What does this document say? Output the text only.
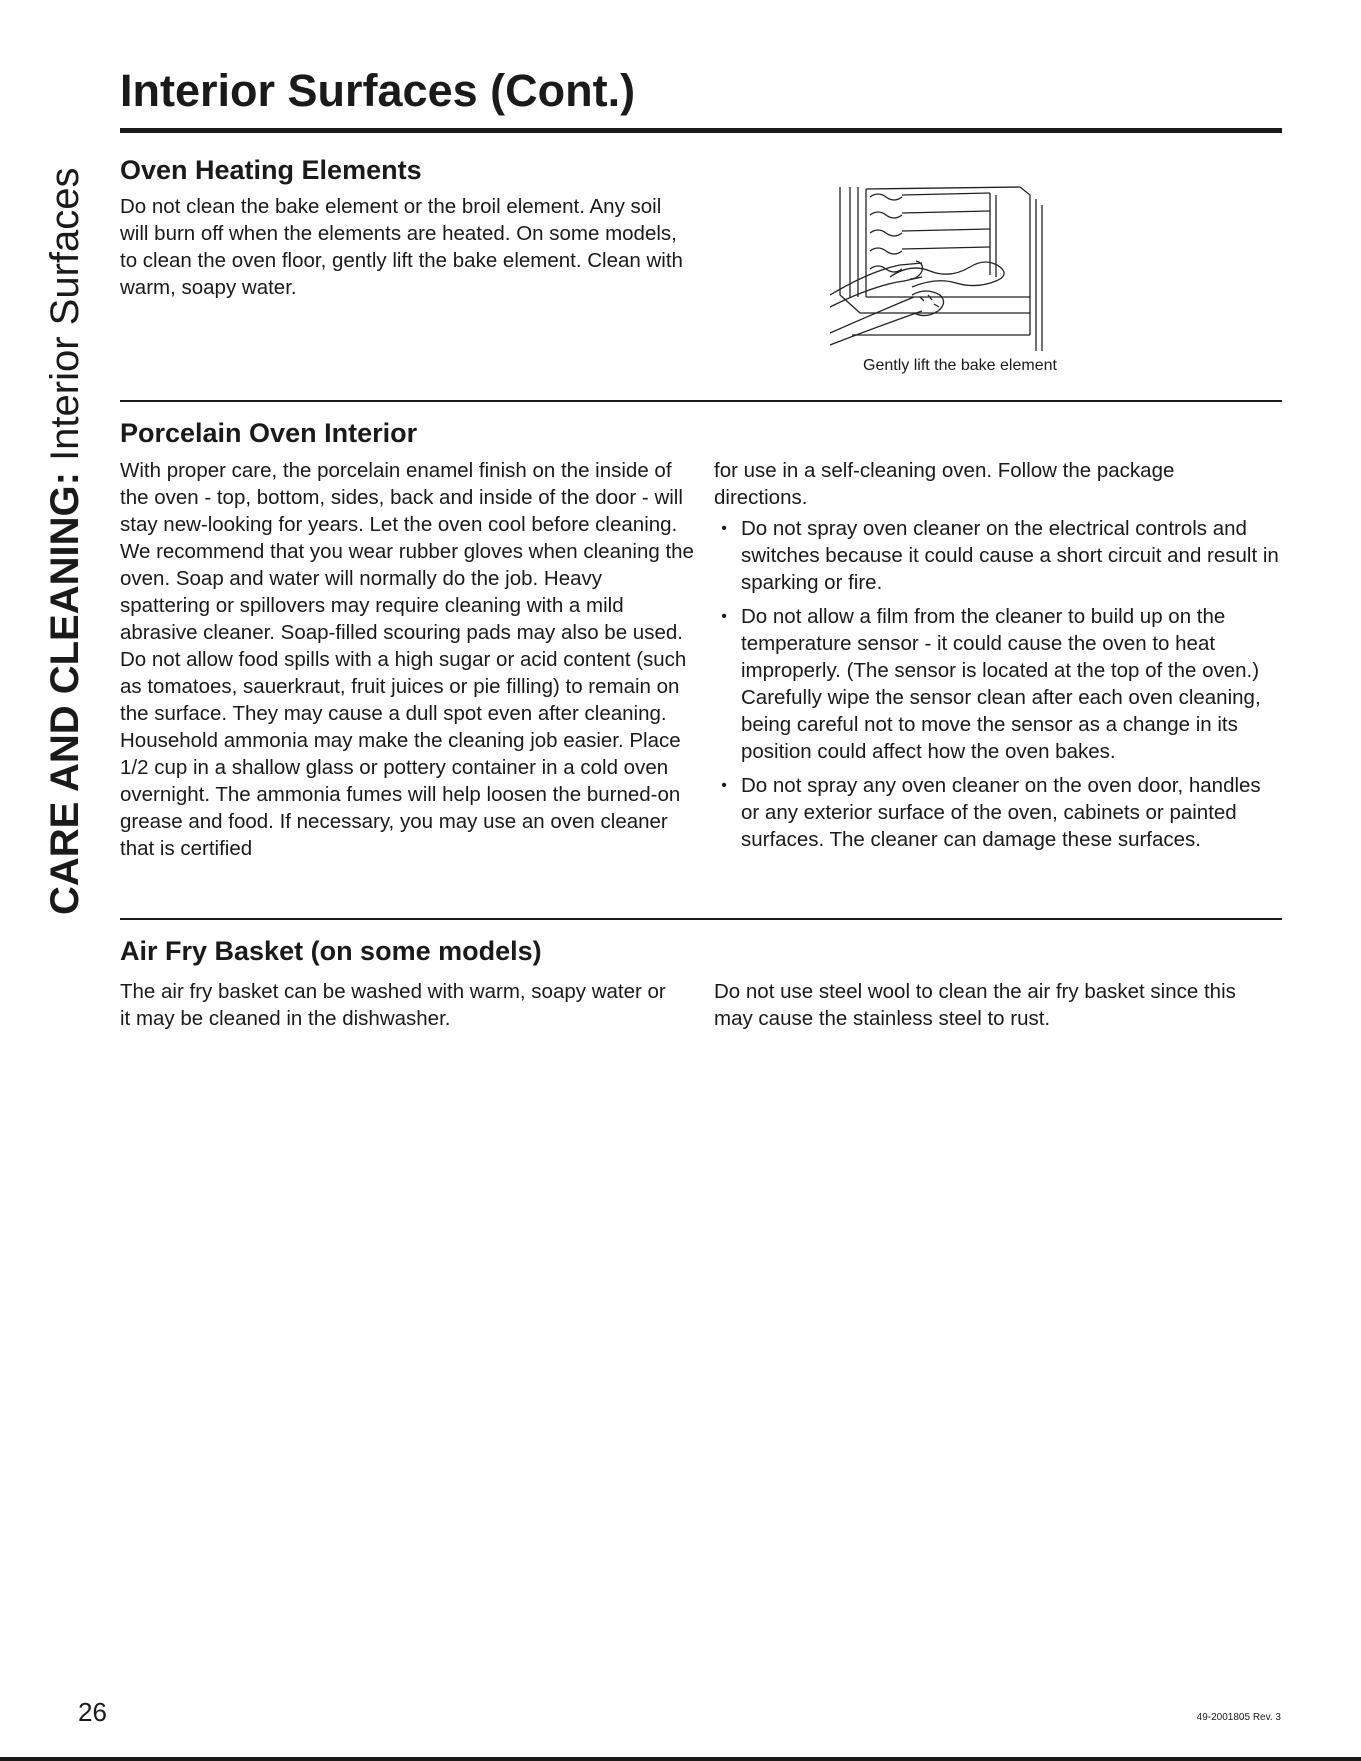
CARE AND CLEANING: Interior Surfaces
Interior Surfaces (Cont.)
Oven Heating Elements

Do not clean the bake element or the broil element. Any soil will burn off when the elements are heated. On some models, to clean the oven floor, gently lift the bake element. Clean with warm, soapy water.

Gently lift the bake element

Porcelain Oven Interior

With proper care, the porcelain enamel finish on the inside of the oven - top, bottom, sides, back and inside of the door - will stay new-looking for years. Let the oven cool before cleaning. We recommend that you wear rubber gloves when cleaning the oven. Soap and water will normally do the job. Heavy spattering or spillovers may require cleaning with a mild abrasive cleaner. Soap-filled scouring pads may also be used. Do not allow food spills with a high sugar or acid content (such as tomatoes, sauerkraut, fruit juices or pie filling) to remain on the surface. They may cause a dull spot even after cleaning. Household ammonia may make the cleaning job easier. Place 1/2 cup in a shallow glass or pottery container in a cold oven overnight. The ammonia fumes will help loosen the burned-on grease and food. If necessary, you may use an oven cleaner that is certified

for use in a self-cleaning oven. Follow the package directions.

• Do not spray oven cleaner on the electrical controls and switches because it could cause a short circuit and result in sparking or fire.
• Do not allow a film from the cleaner to build up on the temperature sensor - it could cause the oven to heat improperly. (The sensor is located at the top of the oven.) Carefully wipe the sensor clean after each oven cleaning, being careful not to move the sensor as a change in its position could affect how the oven bakes.
• Do not spray any oven cleaner on the oven door, handles or any exterior surface of the oven, cabinets or painted surfaces. The cleaner can damage these surfaces.
Air Fry Basket (on some models)

The air fry basket can be washed with warm, soapy water or it may be cleaned in the dishwasher.

Do not use steel wool to clean the air fry basket since this may cause the stainless steel to rust.

26	49-2001805 Rev. 3
